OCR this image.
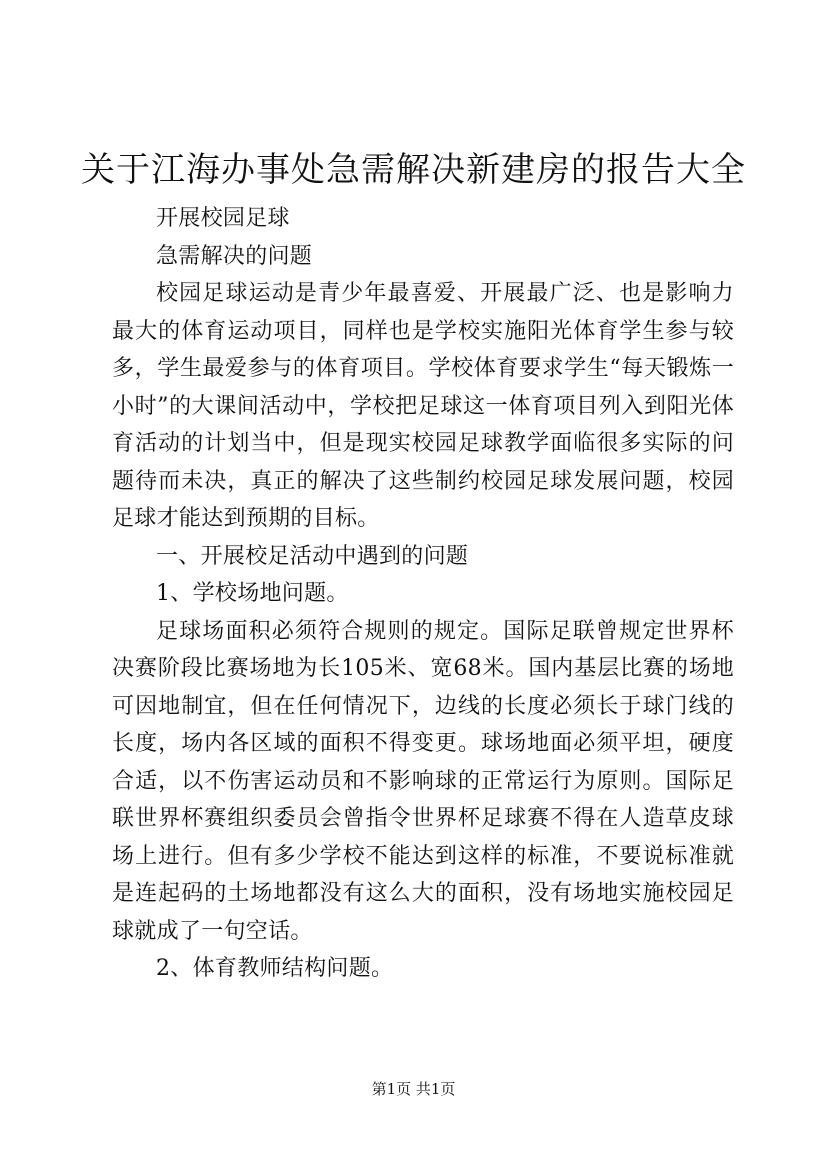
关于江海办事处急需解决新建房的报告大全

开展校园足球

急需解决的问题

校园足球运动是青少年最喜爱、开展最广泛、也是影响力最大的体育运动项目，同样也是学校实施阳光体育学生参与较多，学生最爱参与的体育项目。学校体育要求学生“每天锻炼一小时”的大课间活动中，学校把足球这一体育项目列入到阳光体育活动的计划当中，但是现实校园足球教学面临很多实际的问题待而未决，真正的解决了这些制约校园足球发展问题，校园足球才能达到预期的目标。

一、开展校足活动中遇到的问题

1、学校场地问题。

足球场面积必须符合规则的规定。国际足联曾规定世界杯决赛阶段比赛场地为长105米、宽68米。国内基层比赛的场地可因地制宜，但在任何情况下，边线的长度必须长于球门线的长度，场内各区域的面积不得变更。球场地面必须平坦，硬度合适，以不伤害运动员和不影响球的正常运行为原则。国际足联世界杯赛组织委员会曾指令世界杯足球赛不得在人造草皮球场上进行。但有多少学校不能达到这样的标准，不要说标准就是连起码的土场地都没有这么大的面积，没有场地实施校园足球就成了一句空话。

2、体育教师结构问题。

第1页 共1页
